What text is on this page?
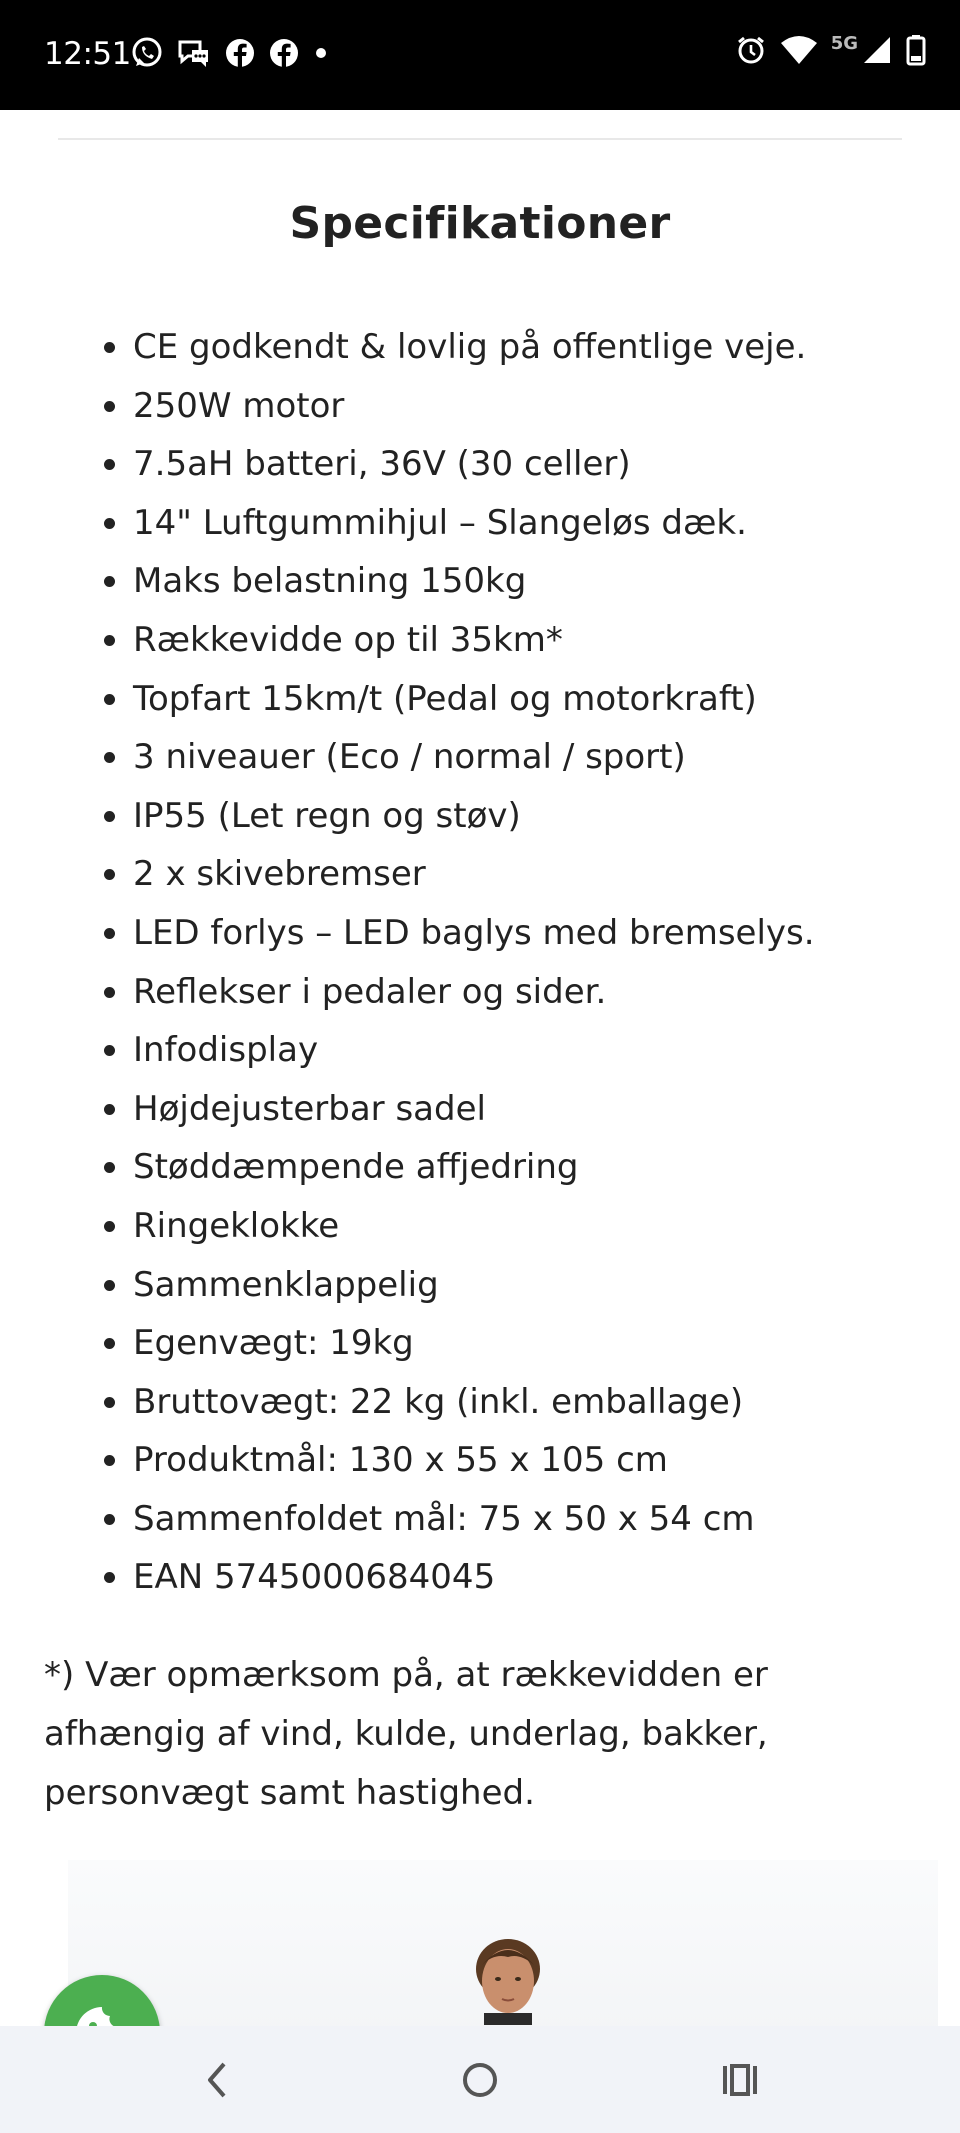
12:51	5G
Specifikationer
CE godkendt & lovlig på offentlige veje.
250W motor
7.5aH batteri, 36V (30 celler)
14" Luftgummihjul – Slangeløs dæk.
Maks belastning 150kg
Rækkevidde op til 35km*
Topfart 15km/t (Pedal og motorkraft)
3 niveauer (Eco / normal / sport)
IP55 (Let regn og støv)
2 x skivebremser
LED forlys – LED baglys med bremselys.
Reflekser i pedaler og sider.
Infodisplay
Højdejusterbar sadel
Støddæmpende affjedring
Ringeklokke
Sammenklappelig
Egenvægt: 19kg
Bruttovægt: 22 kg (inkl. emballage)
Produktmål: 130 x 55 x 105 cm
Sammenfoldet mål: 75 x 50 x 54 cm
EAN 5745000684045

*) Vær opmærksom på, at rækkevidden er afhængig af vind, kulde, underlag, bakker, personvægt samt hastighed.
